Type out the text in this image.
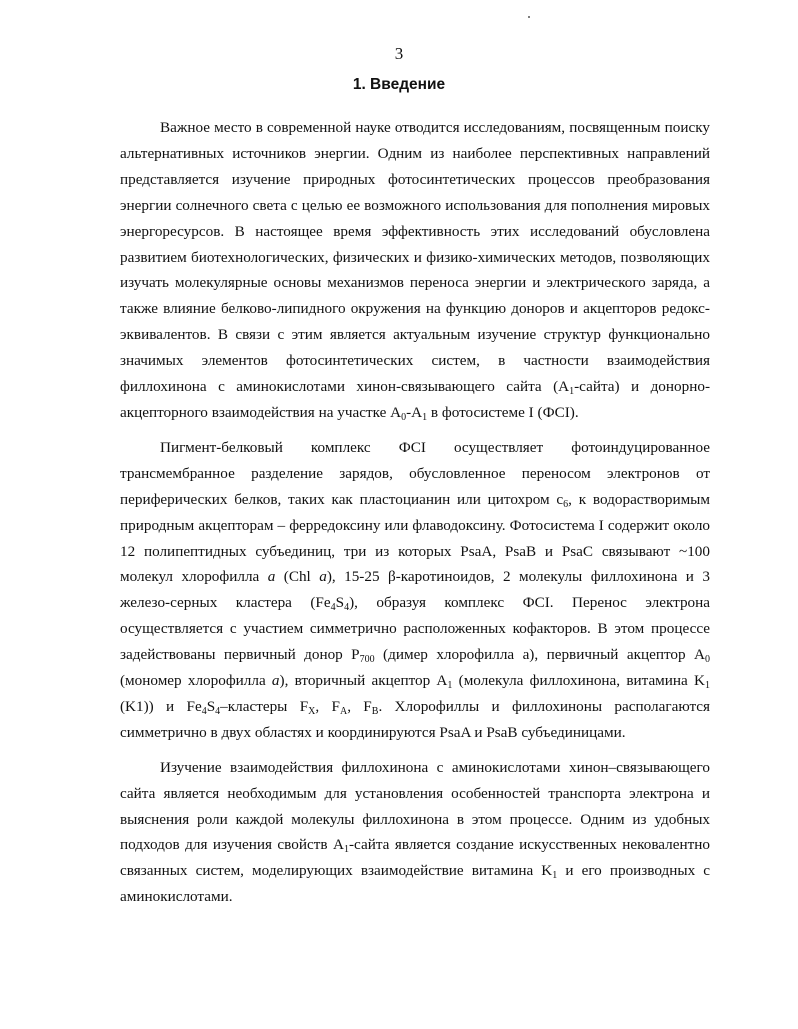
3
1. Введение

Важное место в современной науке отводится исследованиям, посвященным поиску альтернативных источников энергии. Одним из наиболее перспективных направлений представляется изучение природных фотосинтетических процессов преобразования энергии солнечного света с целью ее возможного использования для пополнения мировых энергоресурсов. В настоящее время эффективность этих исследований обусловлена развитием биотехнологических, физических и физико-химических методов, позволяющих изучать молекулярные основы механизмов переноса энергии и электрического заряда, а также влияние белково-липидного окружения на функцию доноров и акцепторов редокс-эквивалентов. В связи с этим является актуальным изучение структур функционально значимых элементов фотосинтетических систем, в частности взаимодействия филлохинона с аминокислотами хинон-связывающего сайта $(A_1-сайта)$ и донорно-акцепторного взаимодействия на участке $A_0-A_1$ в фотосистеме I (ФСI).

Пигмент-белковый комплекс ФСI осуществляет фотоиндуцированное трансмембранное разделение зарядов, обусловленное переносом электронов от периферических белков, таких как пластоцианин или цитохром $c_6$, к водорастворимым природным акцепторам – ферредоксину или флаводоксину. Фотосистема I содержит около 12 полипептидных субъединиц, три из которых PsaA, PsaB и PsaC связывают ~100 молекул хлорофилла a (Chl a), 15-25 β-каротиноидов, 2 молекулы филлохинона и 3 железо-серных кластера $(Fe_4S_4)$, образуя комплекс ФСI. Перенос электрона осуществляется с участием симметрично расположенных кофакторов. В этом процессе задействованы первичный донор $P_{700}$ (димер хлорофилла a), первичный акцептор $A_0$ (мономер хлорофилла a), вторичный акцептор $A_1$ (молекула филлохинона, витамина $K_1$ (K1)) и $Fe_4S_4$–кластеры $F_X$, $F_A$, $F_B$. Хлорофиллы и филлохиноны располагаются симметрично в двух областях и координируются PsaA и PsaB субъединицами.

Изучение взаимодействия филлохинона с аминокислотами хинон–связывающего сайта является необходимым для установления особенностей транспорта электрона и выяснения роли каждой молекулы филлохинона в этом процессе. Одним из удобных подходов для изучения свойств $A_1$-сайта является создание искусственных нековалентно связанных систем, моделирующих взаимодействие витамина $K_1$ и его производных с аминокислотами.
